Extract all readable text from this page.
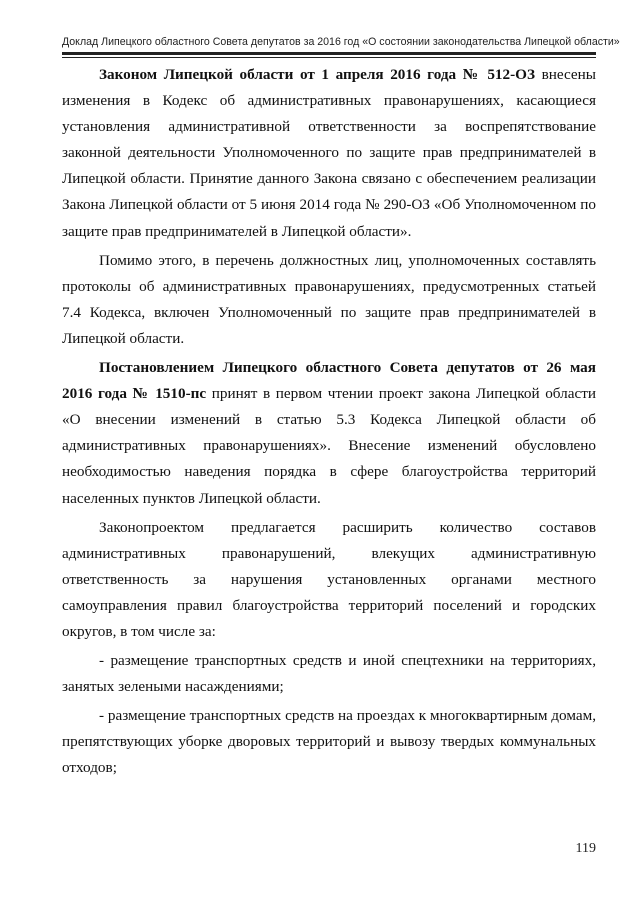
Доклад Липецкого областного Совета депутатов за 2016 год «О состоянии законодательства Липецкой области»

Законом Липецкой области от 1 апреля 2016 года № 512-ОЗ внесены изменения в Кодекс об административных правонарушениях, касающиеся установления административной ответственности за воспрепятствование законной деятельности Уполномоченного по защите прав предпринимателей в Липецкой области. Принятие данного Закона связано с обеспечением реализации Закона Липецкой области от 5 июня 2014 года № 290-ОЗ «Об Уполномоченном по защите прав предпринимателей в Липецкой области».

Помимо этого, в перечень должностных лиц, уполномоченных составлять протоколы об административных правонарушениях, предусмотренных статьей 7.4 Кодекса, включен Уполномоченный по защите прав предпринимателей в Липецкой области.

Постановлением Липецкого областного Совета депутатов от 26 мая 2016 года № 1510-пс принят в первом чтении проект закона Липецкой области «О внесении изменений в статью 5.3 Кодекса Липецкой области об административных правонарушениях». Внесение изменений обусловлено необходимостью наведения порядка в сфере благоустройства территорий населенных пунктов Липецкой области.

Законопроектом предлагается расширить количество составов административных правонарушений, влекущих административную ответственность за нарушения установленных органами местного самоуправления правил благоустройства территорий поселений и городских округов, в том числе за:

- размещение транспортных средств и иной спецтехники на территориях, занятых зелеными насаждениями;

- размещение транспортных средств на проездах к многоквартирным домам, препятствующих уборке дворовых территорий и вывозу твердых коммунальных отходов;

119
